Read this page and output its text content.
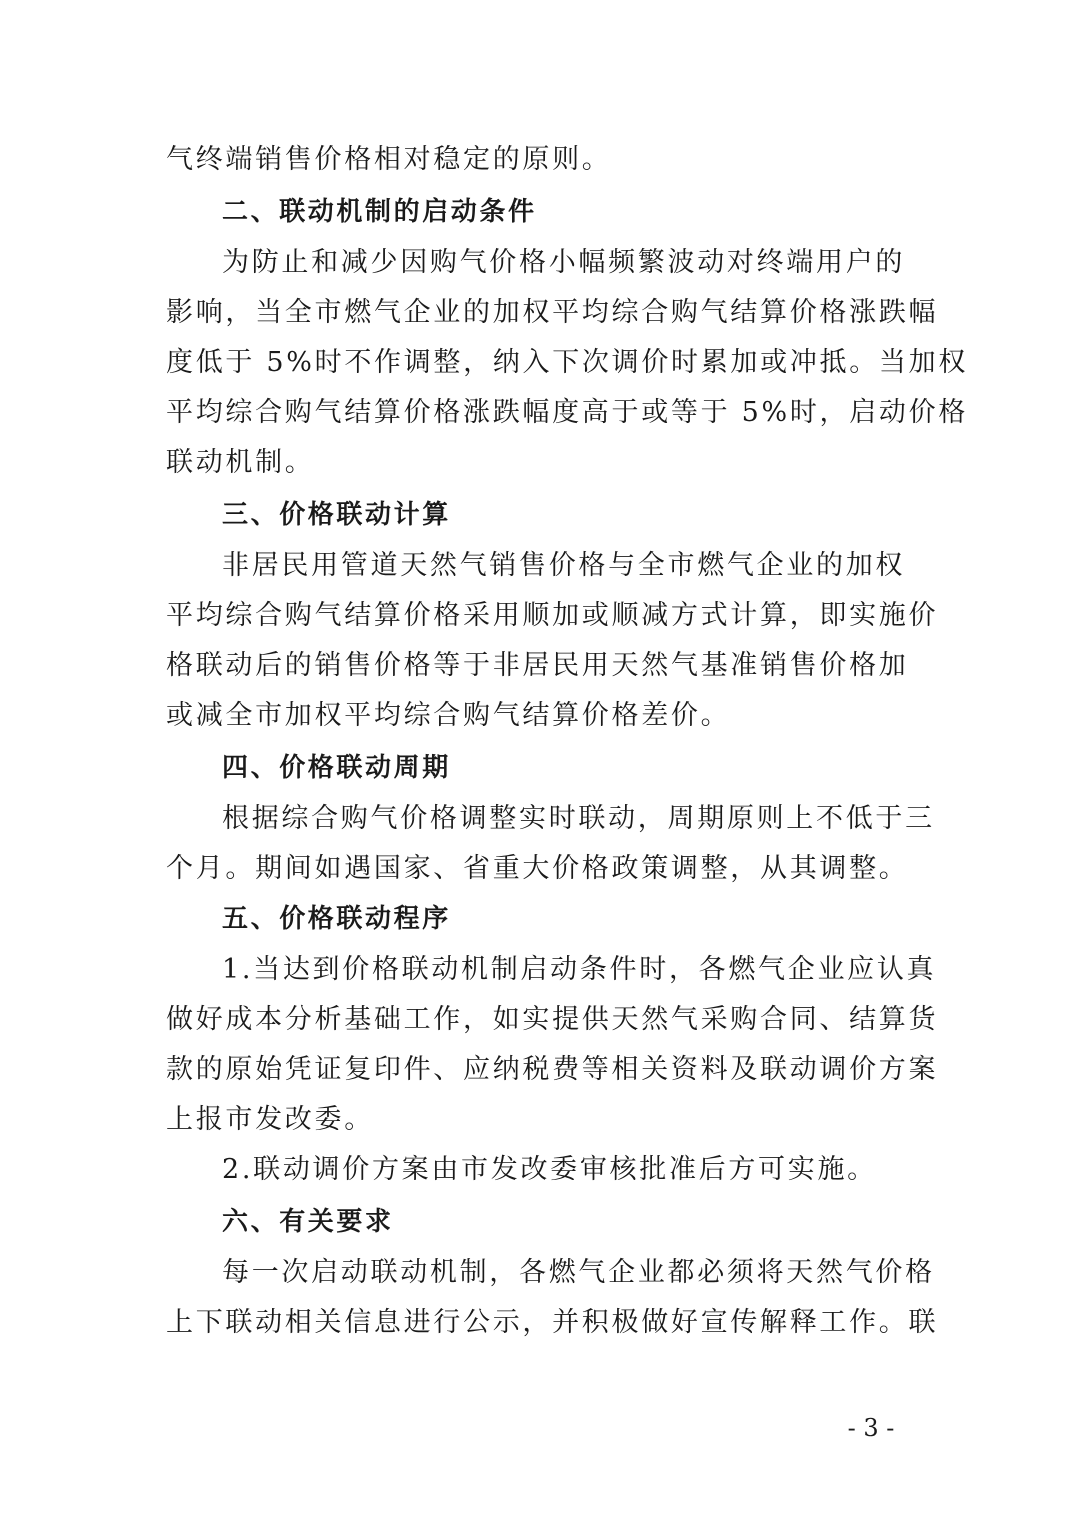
气终端销售价格相对稳定的原则。
二、联动机制的启动条件
为防止和减少因购气价格小幅频繁波动对终端用户的
影响，当全市燃气企业的加权平均综合购气结算价格涨跌幅
度低于 5%时不作调整，纳入下次调价时累加或冲抵。当加权
平均综合购气结算价格涨跌幅度高于或等于 5%时，启动价格
联动机制。
三、价格联动计算
非居民用管道天然气销售价格与全市燃气企业的加权
平均综合购气结算价格采用顺加或顺减方式计算，即实施价
格联动后的销售价格等于非居民用天然气基准销售价格加
或减全市加权平均综合购气结算价格差价。
四、价格联动周期
根据综合购气价格调整实时联动，周期原则上不低于三
个月。期间如遇国家、省重大价格政策调整，从其调整。
五、价格联动程序
1.当达到价格联动机制启动条件时，各燃气企业应认真
做好成本分析基础工作，如实提供天然气采购合同、结算货
款的原始凭证复印件、应纳税费等相关资料及联动调价方案
上报市发改委。
2.联动调价方案由市发改委审核批准后方可实施。
六、有关要求
每一次启动联动机制，各燃气企业都必须将天然气价格
上下联动相关信息进行公示，并积极做好宣传解释工作。联
- 3 -
